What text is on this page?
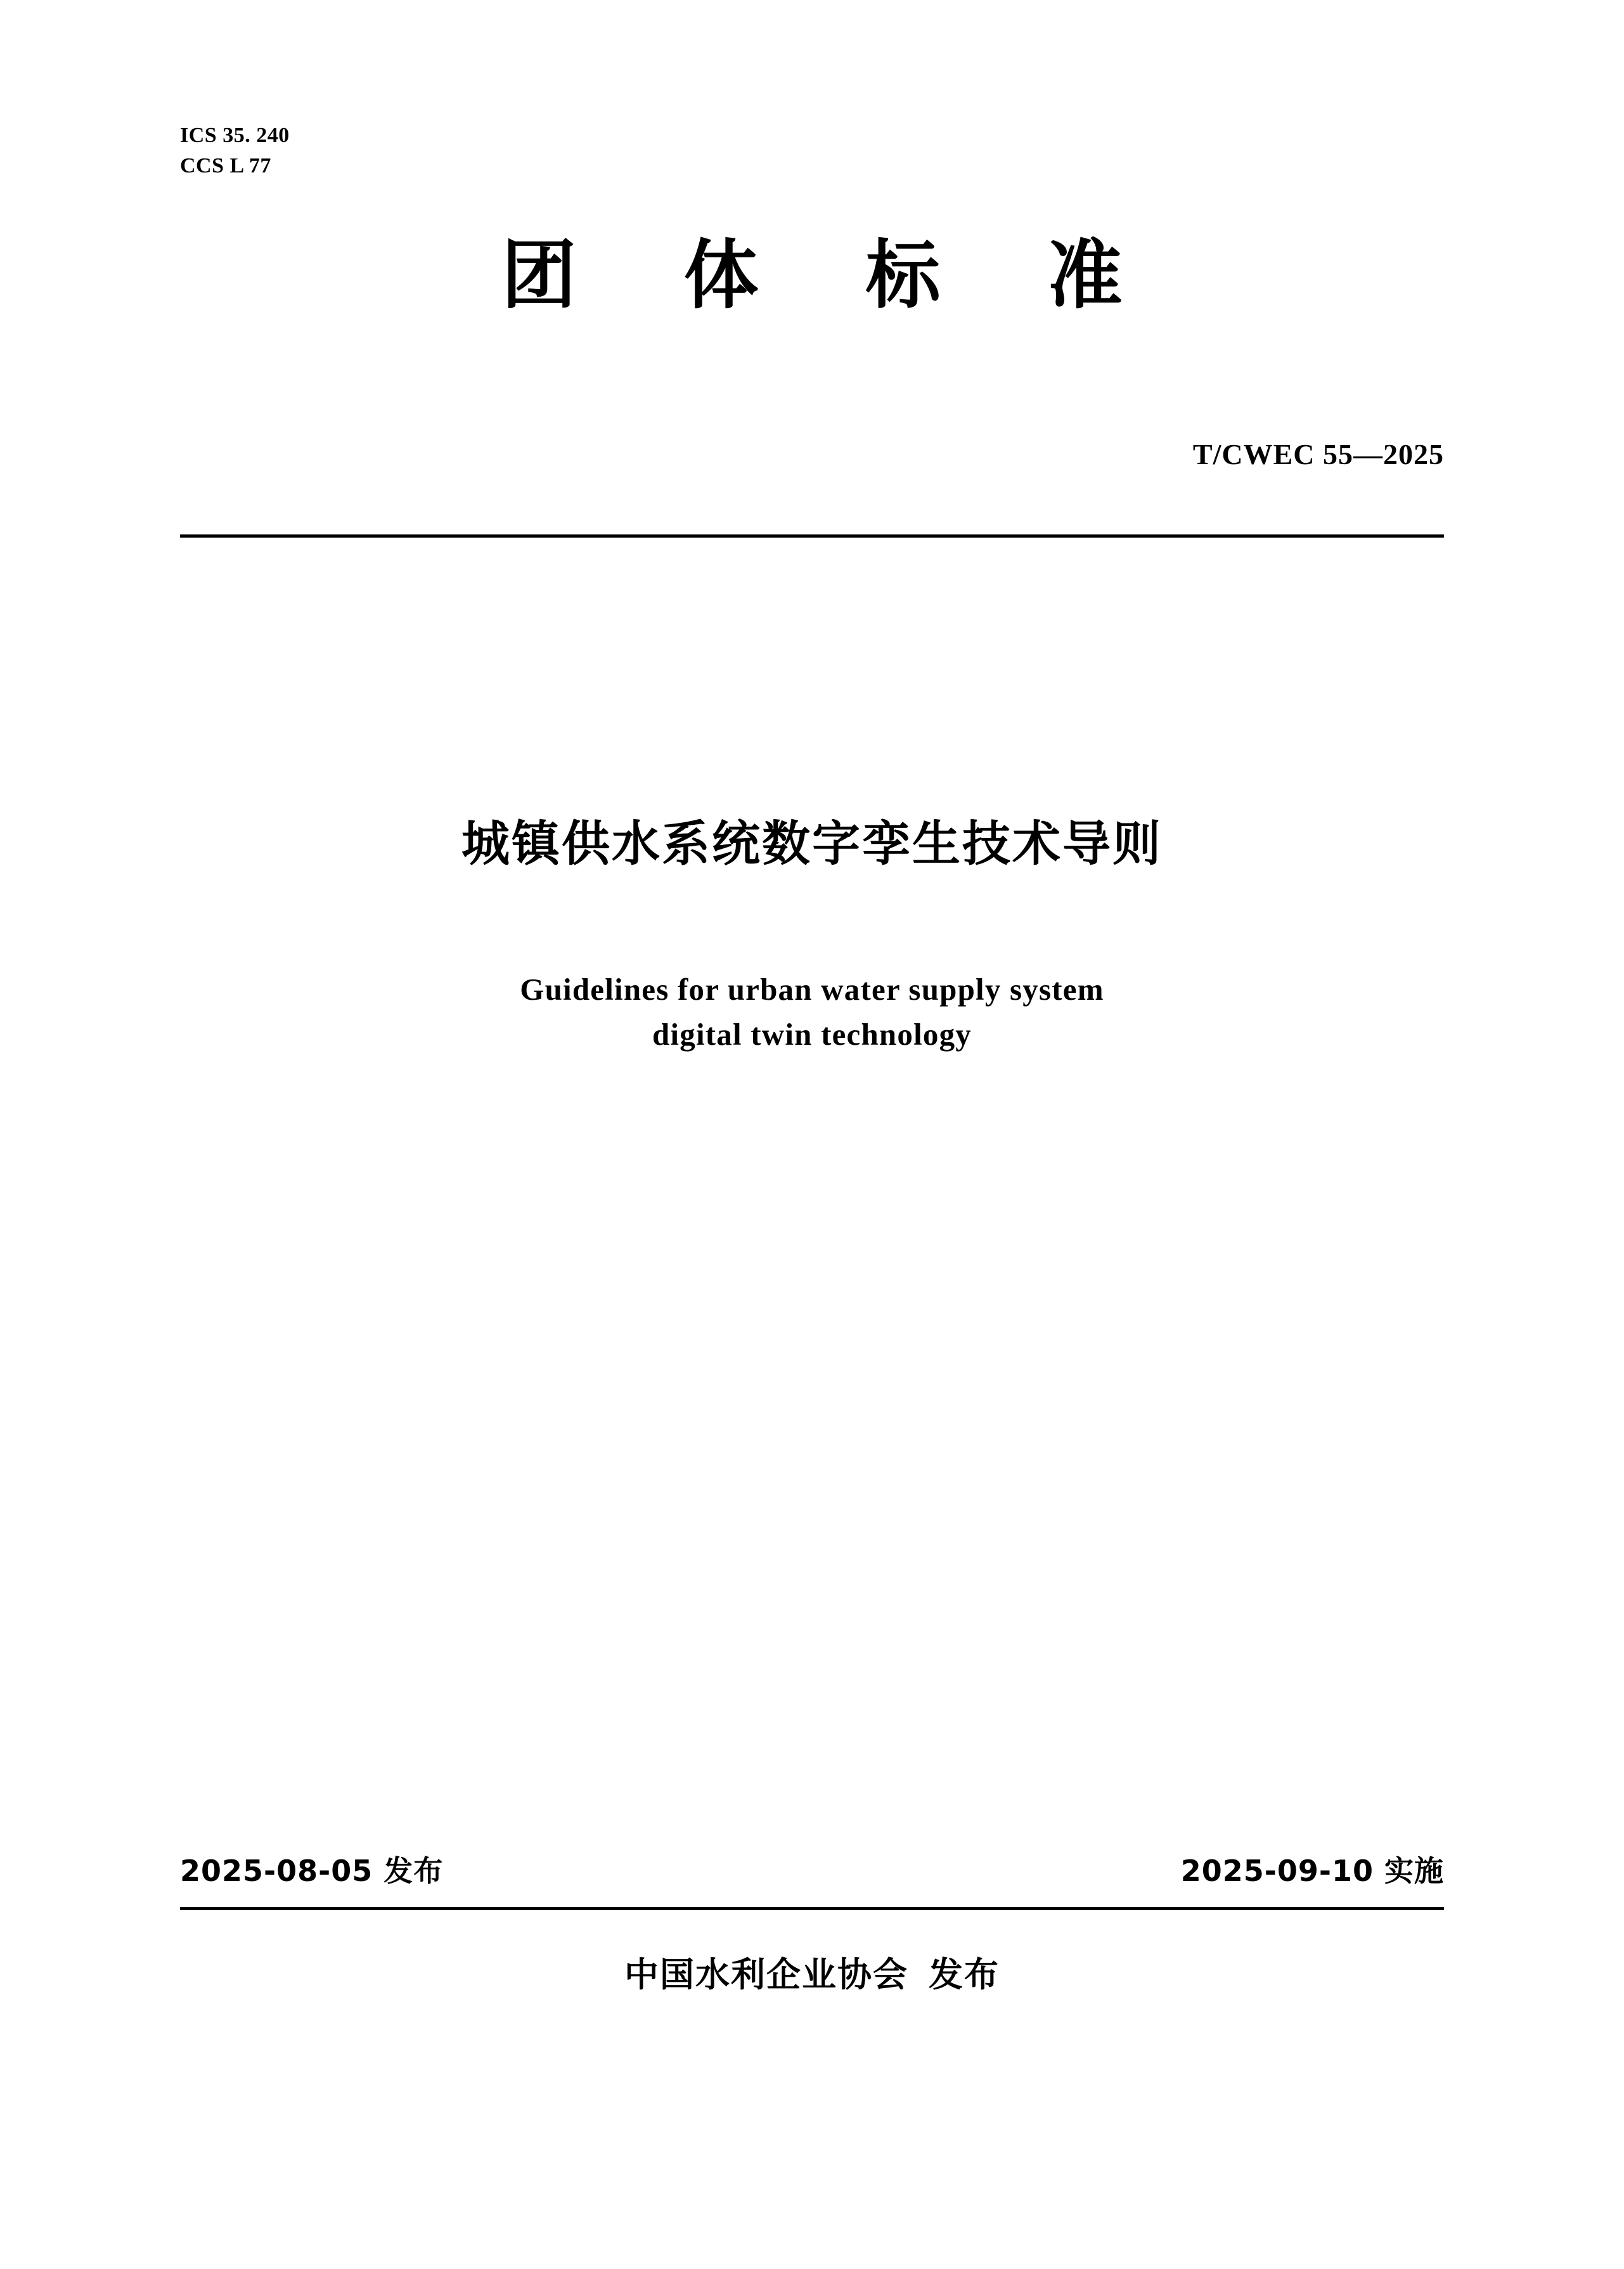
ICS 35. 240
CCS L 77
团 体 标 准
T/CWEC 55—2025
城镇供水系统数字孪生技术导则
Guidelines for urban water supply system
digital twin technology
2025-08-05 发布	2025-09-10 实施
中国水利企业协会 发布
